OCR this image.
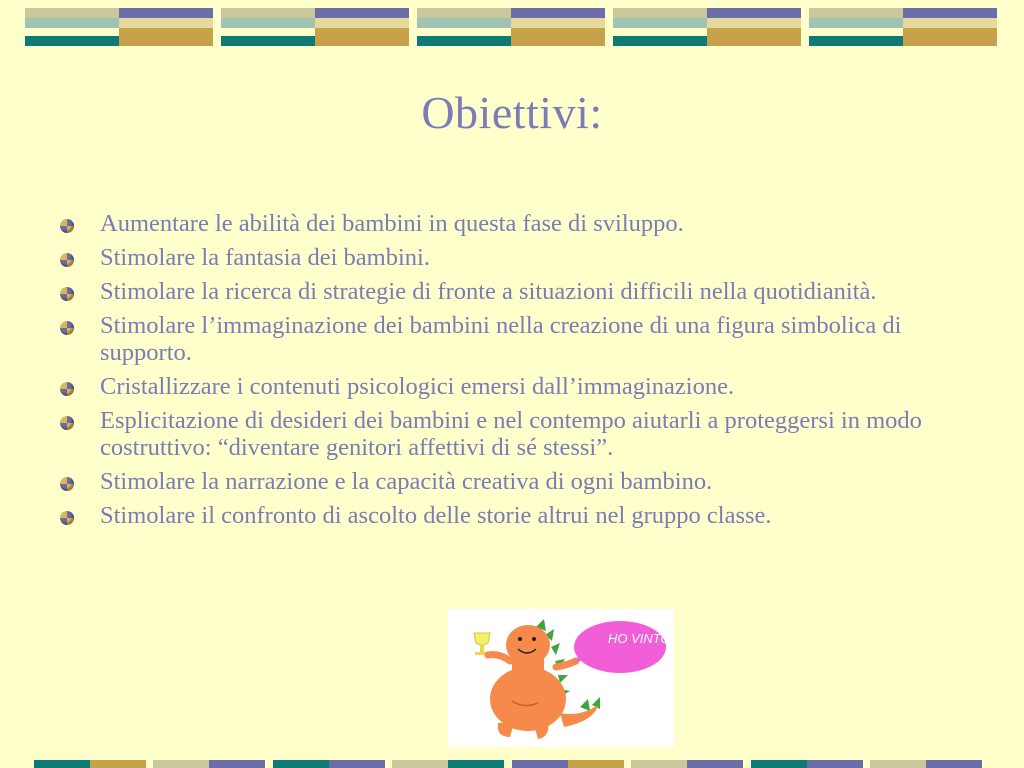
Obiettivi:
Aumentare le abilità dei bambini in questa fase di sviluppo.
Stimolare la fantasia dei bambini.
Stimolare la ricerca di strategie di fronte a situazioni difficili nella quotidianità.
Stimolare l’immaginazione dei bambini nella creazione di una figura simbolica di supporto.
Cristallizzare i contenuti psicologici emersi dall’immaginazione.
Esplicitazione di desideri dei bambini e nel contempo aiutarli a proteggersi in modo costruttivo: “diventare genitori affettivi di sé stessi”.
Stimolare la narrazione e la capacità creativa di ogni bambino.
Stimolare il confronto di ascolto delle storie altrui nel gruppo classe.
HO VINTO
